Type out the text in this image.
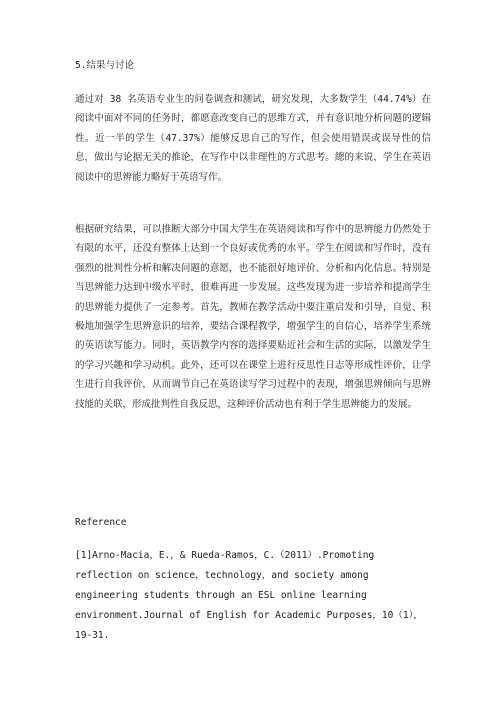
5.结果与讨论

通过对 38 名英语专业生的问卷调查和测试，研究发现，大多数学生（44.74%）在阅读中面对不同的任务时，都愿意改变自己的思维方式，并有意识地分析问题的逻辑性。近一半的学生（47.37%）能够反思自己的写作，但会使用错误或误导性的信息，做出与论据无关的推论，在写作中以非理性的方式思考。總的来说，学生在英语阅读中的思辨能力略好于英语写作。

根据研究结果，可以推断大部分中国大学生在英语阅读和写作中的思辨能力仍然处于有限的水平，还没有整体上达到一个良好或优秀的水平。学生在阅读和写作时，没有强烈的批判性分析和解决问题的意愿，也不能很好地评价、分析和内化信息。特别是当思辨能力达到中级水平时，很难再进一步发展。这些发现为进一步培养和提高学生的思辨能力提供了一定参考。首先，教师在教学活动中要注重启发和引导，自觉、积极地加强学生思辨意识的培养，要结合课程教学，增强学生的自信心，培养学生系统的英语读写能力。同时，英语教学内容的选择要贴近社会和生活的实际，以激发学生的学习兴趣和学习动机。此外，还可以在课堂上进行反思性日志等形成性评价，让学生进行自我评价，从而调节自己在英语读写学习过程中的表现，增强思辨倾向与思辨技能的关联，形成批判性自我反思，这种评价活动也有利于学生思辨能力的发展。

Reference

[1]Arno-Macia，E.，& Rueda-Ramos，C.（2011）.Promoting reflection on science，technology，and society among engineering students through an ESL online learning environment.Journal of English for Academic Purposes，10（1），19-31.
